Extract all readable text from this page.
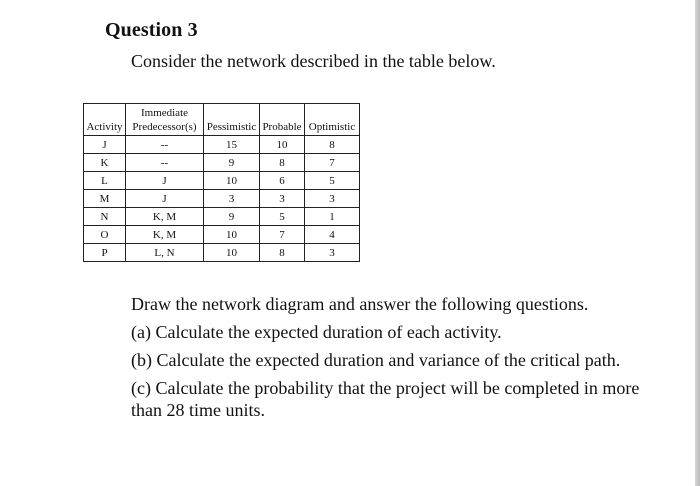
Question 3
Consider the network described in the table below.
	Immediate			
Activity	Predecessor(s)	Pessimistic	Probable	Optimistic
J	--	15	10	8
K	--	9	8	7
L	J	10	6	5
M	J	3	3	3
N	K, M	9	5	1
O	K, M	10	7	4
P	L, N	10	8	3

Draw the network diagram and answer the following questions.

(a) Calculate the expected duration of each activity.

(b) Calculate the expected duration and variance of the critical path.

(c) Calculate the probability that the project will be completed in more than 28 time units.
